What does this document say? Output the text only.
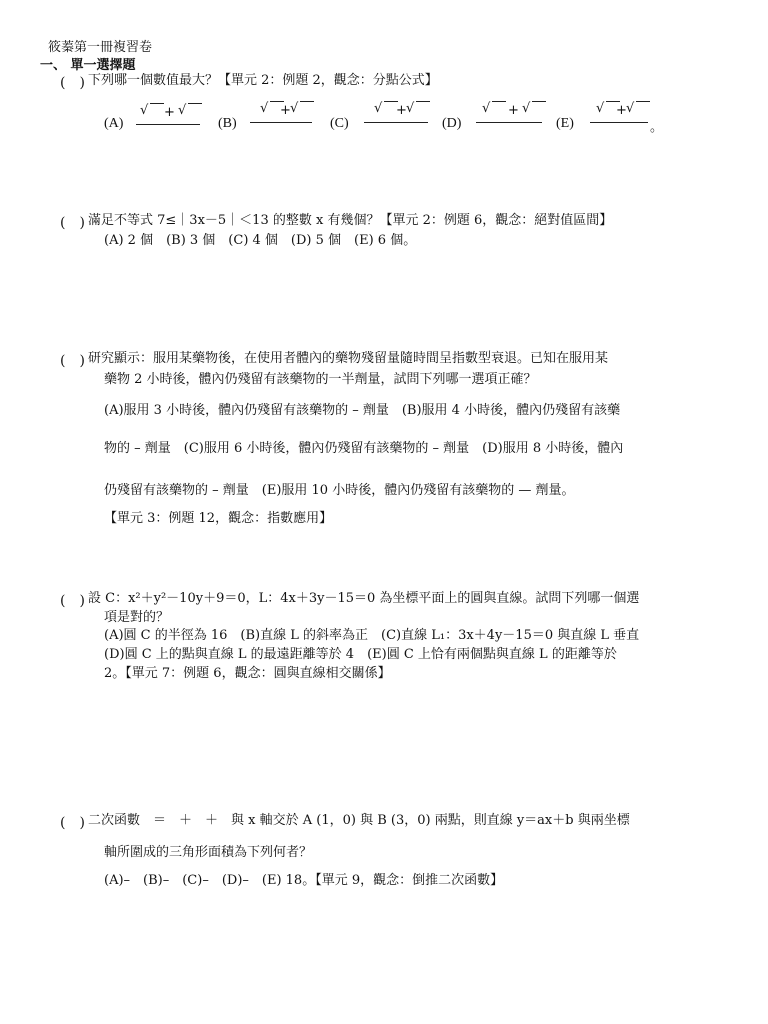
筱蓁第一冊複習卷
一、 單一選擇題
(　) 下列哪一個數值最大？【單元 2：例題 2，觀念：分點公式】
(A)
√ + √
(B)
√ + √
(C)
√ + √
(D)
√ + √
(E)
√ + √
。
(　) 滿足不等式 7≤｜3x－5｜＜13 的整數 x 有幾個？【單元 2：例題 6，觀念：絕對值區間】
(A) 2 個　(B) 3 個　(C) 4 個　(D) 5 個　(E) 6 個。
(　) 研究顯示：服用某藥物後，在使用者體內的藥物殘留量隨時間呈指數型衰退。已知在服用某
藥物 2 小時後，體內仍殘留有該藥物的一半劑量，試問下列哪一選項正確？
(A)服用 3 小時後，體內仍殘留有該藥物的 – 劑量　(B)服用 4 小時後，體內仍殘留有該藥
物的 – 劑量　(C)服用 6 小時後，體內仍殘留有該藥物的 – 劑量　(D)服用 8 小時後，體內
仍殘留有該藥物的 – 劑量　(E)服用 10 小時後，體內仍殘留有該藥物的 — 劑量。
【單元 3：例題 12，觀念：指數應用】
(　) 設 C：x²＋y²－10y＋9＝0，L：4x＋3y－15＝0 為坐標平面上的圓與直線。試問下列哪一個選
項是對的？
(A)圓 C 的半徑為 16　(B)直線 L 的斜率為正　(C)直線 L₁：3x＋4y－15＝0 與直線 L 垂直
(D)圓 C 上的點與直線 L 的最遠距離等於 4　(E)圓 C 上恰有兩個點與直線 L 的距離等於
2。【單元 7：例題 6，觀念：圓與直線相交關係】
(　) 二次函數　＝　＋　＋　與 x 軸交於 A (1，0) 與 B (3，0) 兩點，則直線 y＝ax＋b 與兩坐標
軸所圍成的三角形面積為下列何者？
(A)–　(B)–　(C)–　(D)–　(E) 18。【單元 9，觀念：倒推二次函數】
